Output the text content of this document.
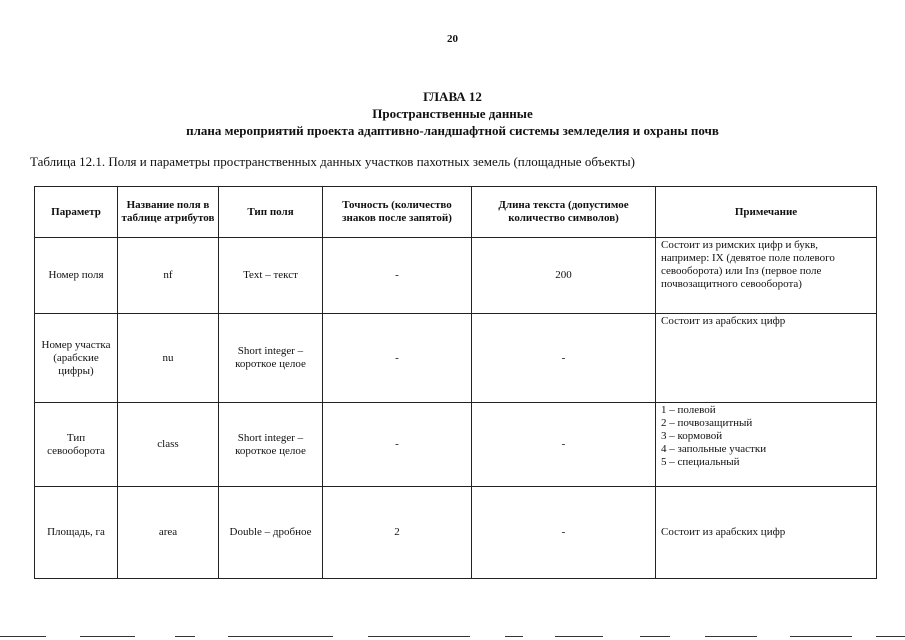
20
ГЛАВА 12
Пространственные данные
плана мероприятий проекта адаптивно-ландшафтной системы земледелия и охраны почв
Таблица 12.1. Поля и параметры пространственных данных участков пахотных земель (площадные объекты)
Параметр	Название поля в таблице атрибутов	Тип поля	Точность (количество знаков после запятой)	Длина текста (допустимое количество символов)	Примечание
Номер поля	nf	Text – текст	-	200	Состоит из римских цифр и букв,
например: IX (девятое поле полевого
севооборота) или Inз (первое поле
почвозащитного севооборота)

Номер участка (арабские цифры)	nu	Short integer – короткое целое	-	-	Состоит из арабских цифр

Тип севооборота	class	Short integer – короткое целое	-	-	1 – полевой
2 – почвозащитный
3 – кормовой
4 – запольные участки
5 – специальный

Площадь, га	area	Double – дробное	2	-	Состоит из арабских цифр
